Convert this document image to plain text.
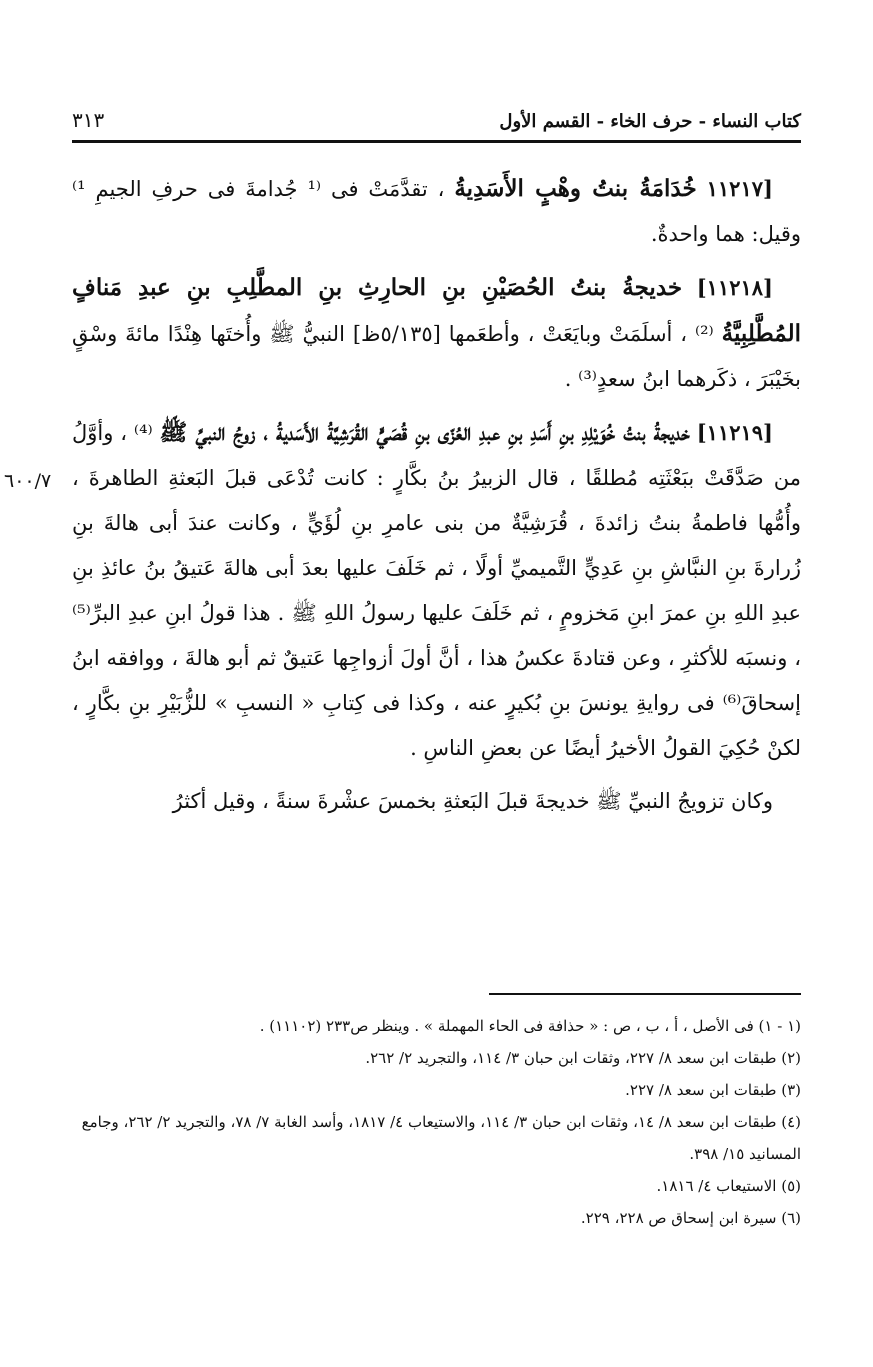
كتاب النساء - حرف الخاء - القسم الأول
٣١٣
٦٠٠/٧

[١١٢١٧ خُدَامَةُ بنتُ وهْبٍ الأَسَدِيةُ ، تقدَّمَتْ فى ⁽¹ جُدامةَ فى حرفِ الجيمِ ¹⁾ وقيل: هما واحدةٌ.

[١١٢١٨] خديجةُ بنتُ الحُصَيْنِ بنِ الحارِثِ بنِ المطَّلِبِ بنِ عبدِ مَنافٍ المُطَّلِبِيَّةُ ⁽²⁾ ، أسلَمَتْ وبايَعَتْ ، وأطعَمها [٥/١٣٥ظ] النبيُّ ﷺ وأُختَها هِنْدًا مائةَ وسْقٍ بخَيْبَرَ ، ذكَرهما ابنُ سعدٍ⁽³⁾ .

[١١٢١٩] خديجةُ بنتُ خُوَيْلِدِ بنِ أَسَدِ بنِ عبدِ العُزّى بنِ قُصَيٍّ القُرَشِيَّةُ الأَسَديةُ ، زوجُ النبيِّ ﷺ ⁽⁴⁾ ، وأوَّلُ من صَدَّقَتْ ببَعْثَتِه مُطلقًا ، قال الزبيرُ بنُ بكَّارٍ : كانت تُدْعَى قبلَ البَعثةِ الطاهرةَ ، وأُمُّها فاطمةُ بنتُ زائدةَ ، قُرَشِيَّةٌ من بنى عامرِ بنِ لُؤَيٍّ ، وكانت عندَ أبى هالةَ بنِ زُرارةَ بنِ النبَّاشِ بنِ عَدِيٍّ التَّميميِّ أولًا ، ثم خَلَفَ عليها بعدَ أبى هالةَ عَتيقُ بنُ عائذِ بنِ عبدِ اللهِ بنِ عمرَ ابنِ مَخزومٍ ، ثم خَلَفَ عليها رسولُ اللهِ ﷺ . هذا قولُ ابنِ عبدِ البرِّ⁽⁵⁾ ، ونسبَه للأكثرِ ، وعن قتادةَ عكسُ هذا ، أنَّ أولَ أزواجِها عَتيقٌ ثم أبو هالةَ ، ووافقه ابنُ إسحاقَ⁽⁶⁾ فى روايةِ يونسَ بنِ بُكيرٍ عنه ، وكذا فى كِتابِ « النسبِ » للزُّبَيْرِ بنِ بكَّارٍ ، لكنْ حُكِيَ القولُ الأخيرُ أيضًا عن بعضِ الناسِ .

وكان تزويجُ النبيِّ ﷺ خديجةَ قبلَ البَعثةِ بخمسَ عشْرةَ سنةً ، وقيل أكثرُ

(١ - ١) فى الأصل ، أ ، ب ، ص : « حذافة فى الحاء المهملة » . وينظر ص٢٣٣ (١١١٠٢) .

(٢) طبقات ابن سعد ٨/ ٢٢٧، وثقات ابن حبان ٣/ ١١٤، والتجريد ٢/ ٢٦٢.

(٣) طبقات ابن سعد ٨/ ٢٢٧.

(٤) طبقات ابن سعد ٨/ ١٤، وثقات ابن حبان ٣/ ١١٤، والاستيعاب ٤/ ١٨١٧، وأسد الغابة ٧/ ٧٨، والتجريد ٢/ ٢٦٢، وجامع المسانيد ١٥/ ٣٩٨.

(٥) الاستيعاب ٤/ ١٨١٦.

(٦) سيرة ابن إسحاق ص ٢٢٨، ٢٢٩.
